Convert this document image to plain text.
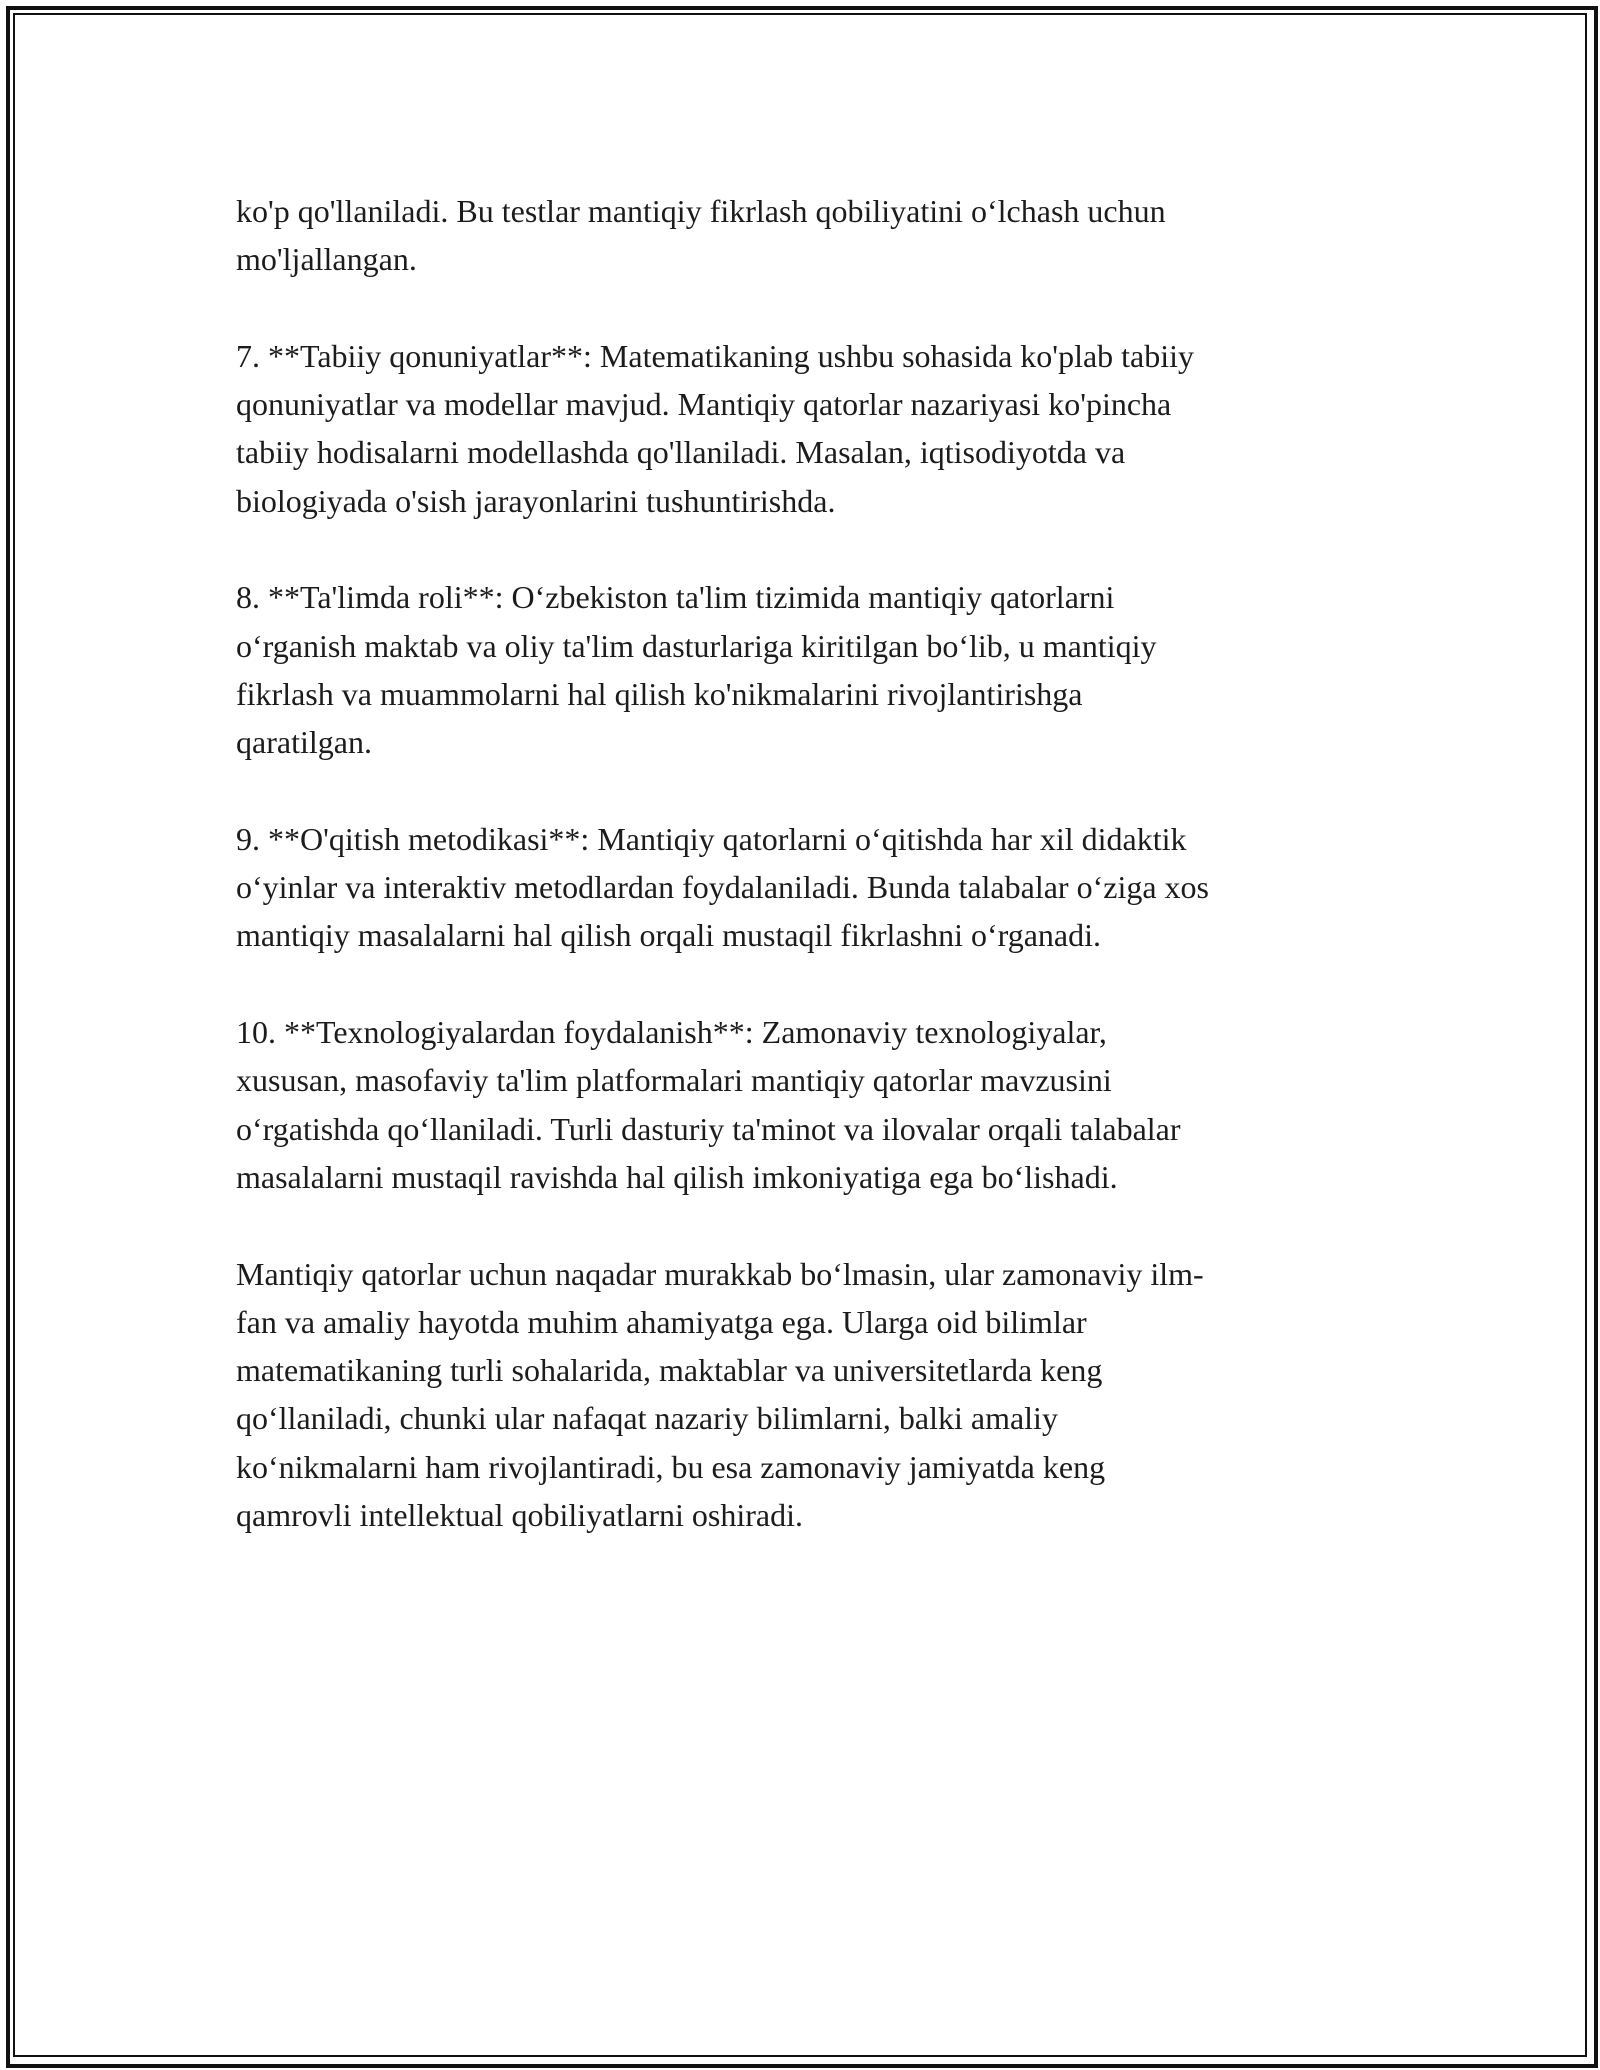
ko'p qo'llaniladi. Bu testlar mantiqiy fikrlash qobiliyatini o‘lchash uchun
mo'ljallangan.

7. **Tabiiy qonuniyatlar**: Matematikaning ushbu sohasida ko'plab tabiiy
qonuniyatlar va modellar mavjud. Mantiqiy qatorlar nazariyasi ko'pincha
tabiiy hodisalarni modellashda qo'llaniladi. Masalan, iqtisodiyotda va
biologiyada o'sish jarayonlarini tushuntirishda.

8. **Ta'limda roli**: O‘zbekiston ta'lim tizimida mantiqiy qatorlarni
o‘rganish maktab va oliy ta'lim dasturlariga kiritilgan bo‘lib, u mantiqiy
fikrlash va muammolarni hal qilish ko'nikmalarini rivojlantirishga
qaratilgan.

9. **O'qitish metodikasi**: Mantiqiy qatorlarni o‘qitishda har xil didaktik
o‘yinlar va interaktiv metodlardan foydalaniladi. Bunda talabalar o‘ziga xos
mantiqiy masalalarni hal qilish orqali mustaqil fikrlashni o‘rganadi.

10. **Texnologiyalardan foydalanish**: Zamonaviy texnologiyalar,
xususan, masofaviy ta'lim platformalari mantiqiy qatorlar mavzusini
o‘rgatishda qo‘llaniladi. Turli dasturiy ta'minot va ilovalar orqali talabalar
masalalarni mustaqil ravishda hal qilish imkoniyatiga ega bo‘lishadi.

Mantiqiy qatorlar uchun naqadar murakkab bo‘lmasin, ular zamonaviy ilm-
fan va amaliy hayotda muhim ahamiyatga ega. Ularga oid bilimlar
matematikaning turli sohalarida, maktablar va universitetlarda keng
qo‘llaniladi, chunki ular nafaqat nazariy bilimlarni, balki amaliy
ko‘nikmalarni ham rivojlantiradi, bu esa zamonaviy jamiyatda keng
qamrovli intellektual qobiliyatlarni oshiradi.
